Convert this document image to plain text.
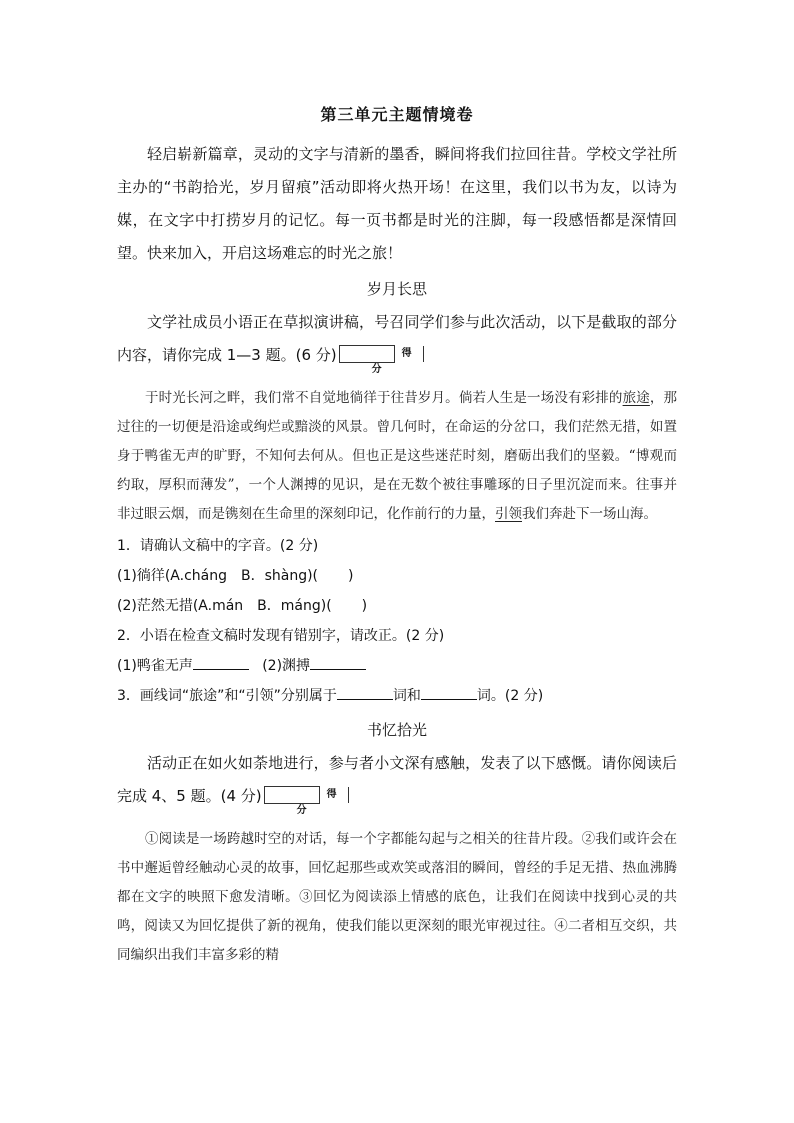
第三单元主题情境卷

轻启崭新篇章，灵动的文字与清新的墨香，瞬间将我们拉回往昔。学校文学社所主办的“书韵拾光，岁月留痕”活动即将火热开场！在这里，我们以书为友，以诗为媒，在文字中打捞岁月的记忆。每一页书都是时光的注脚，每一段感悟都是深情回望。快来加入，开启这场难忘的时光之旅！

岁月长思

文学社成员小语正在草拟演讲稿，号召同学们参与此次活动，以下是截取的部分内容，请你完成 1—3 题。(6 分)	得分

于时光长河之畔，我们常不自觉地徜徉于往昔岁月。倘若人生是一场没有彩排的旅途，那过往的一切便是沿途或绚烂或黯淡的风景。曾几何时，在命运的分岔口，我们茫然无措，如置身于鸭雀无声的旷野，不知何去何从。但也正是这些迷茫时刻，磨砺出我们的坚毅。“博观而约取，厚积而薄发”，一个人渊搏的见识，是在无数个被往事雕琢的日子里沉淀而来。往事并非过眼云烟，而是镌刻在生命里的深刻印记，化作前行的力量，引领我们奔赴下一场山海。

1．请确认文稿中的字音。(2 分)

(1)徜徉(A.cháng　B．shàng)( )

(2)茫然无措(A.mán　B．máng)( )

2．小语在检查文稿时发现有错别字，请改正。(2 分)

(1)鸭雀无声	(2)渊搏

3．画线词“旅途”和“引领”分别属于	词和	词。(2 分)

书忆拾光

活动正在如火如荼地进行，参与者小文深有感触，发表了以下感慨。请你阅读后完成 4、5 题。(4 分)	得分

①阅读是一场跨越时空的对话，每一个字都能勾起与之相关的往昔片段。②我们或许会在书中邂逅曾经触动心灵的故事，回忆起那些或欢笑或落泪的瞬间，曾经的手足无措、热血沸腾都在文字的映照下愈发清晰。③回忆为阅读添上情感的底色，让我们在阅读中找到心灵的共鸣，阅读又为回忆提供了新的视角，使我们能以更深刻的眼光审视过往。④二者相互交织，共同编织出我们丰富多彩的精
